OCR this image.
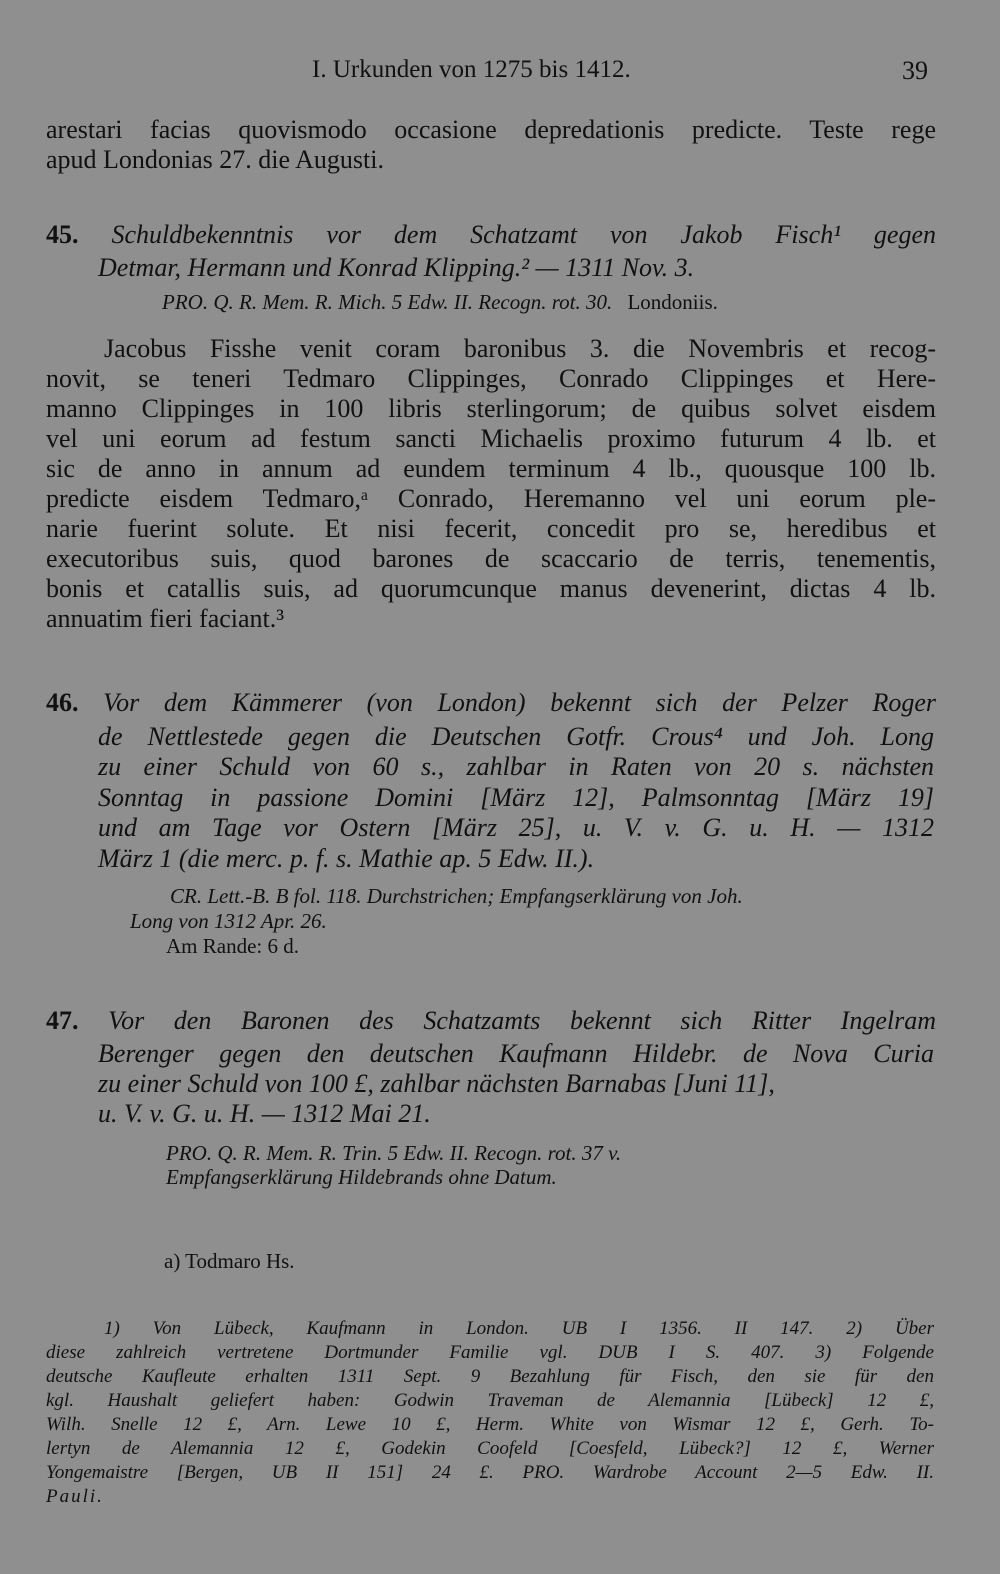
I. Urkunden von 1275 bis 1412.	39
arestari facias quovismodo occasione depredationis predicte. Teste rege
apud Londonias 27. die Augusti.
45. Schuldbekenntnis vor dem Schatzamt von Jakob Fisch¹ gegen
Detmar, Hermann und Konrad Klipping.² — 1311 Nov. 3.
PRO. Q. R. Mem. R. Mich. 5 Edw. II. Recogn. rot. 30. Londoniis.
Jacobus Fisshe venit coram baronibus 3. die Novembris et recog-
novit, se teneri Tedmaro Clippinges, Conrado Clippinges et Here-
manno Clippinges in 100 libris sterlingorum; de quibus solvet eisdem
vel uni eorum ad festum sancti Michaelis proximo futurum 4 lb. et
sic de anno in annum ad eundem terminum 4 lb., quousque 100 lb.
predicte eisdem Tedmaro,ᵃ Conrado, Heremanno vel uni eorum ple-
narie fuerint solute. Et nisi fecerit, concedit pro se, heredibus et
executoribus suis, quod barones de scaccario de terris, tenementis,
bonis et catallis suis, ad quorumcunque manus devenerint, dictas 4 lb.
annuatim fieri faciant.³
46. Vor dem Kämmerer (von London) bekennt sich der Pelzer Roger
de Nettlestede gegen die Deutschen Gotfr. Crous⁴ und Joh. Long
zu einer Schuld von 60 s., zahlbar in Raten von 20 s. nächsten
Sonntag in passione Domini [März 12], Palmsonntag [März 19]
und am Tage vor Ostern [März 25], u. V. v. G. u. H. — 1312
März 1 (die merc. p. f. s. Mathie ap. 5 Edw. II.).
CR. Lett.-B. B fol. 118. Durchstrichen; Empfangserklärung von Joh.
Long von 1312 Apr. 26.
Am Rande: 6 d.
47. Vor den Baronen des Schatzamts bekennt sich Ritter Ingelram
Berenger gegen den deutschen Kaufmann Hildebr. de Nova Curia
zu einer Schuld von 100 £, zahlbar nächsten Barnabas [Juni 11],
u. V. v. G. u. H. — 1312 Mai 21.
PRO. Q. R. Mem. R. Trin. 5 Edw. II. Recogn. rot. 37 v.
Empfangserklärung Hildebrands ohne Datum.
a) Todmaro Hs.
1) Von Lübeck, Kaufmann in London. UB I 1356. II 147. 2) Über
diese zahlreich vertretene Dortmunder Familie vgl. DUB I S. 407. 3) Folgende
deutsche Kaufleute erhalten 1311 Sept. 9 Bezahlung für Fisch, den sie für den
kgl. Haushalt geliefert haben: Godwin Traveman de Alemannia [Lübeck] 12 £,
Wilh. Snelle 12 £, Arn. Lewe 10 £, Herm. White von Wismar 12 £, Gerh. To-
lertyn de Alemannia 12 £, Godekin Coofeld [Coesfeld, Lübeck?] 12 £, Werner
Yongemaistre [Bergen, UB II 151] 24 £. PRO. Wardrobe Account 2—5 Edw. II.
Pauli.
